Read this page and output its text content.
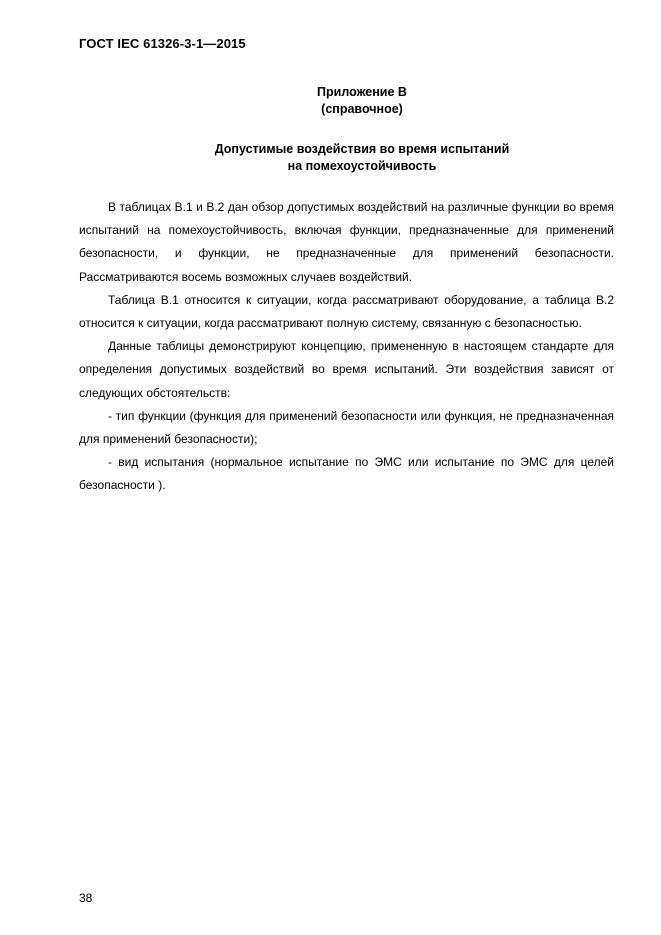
ГОСТ IEC 61326-3-1—2015
Приложение B
(справочное)
Допустимые воздействия во время испытаний
на помехоустойчивость

В таблицах В.1 и В.2 дан обзор допустимых воздействий на различные функции во время испытаний на помехоустойчивость, включая функции, предназначенные для применений безопасности, и функции, не предназначенные для применений безопасности. Рассматриваются восемь возможных случаев воздействий.

Таблица В.1 относится к ситуации, когда рассматривают оборудование, а таблица В.2 относится к ситуации, когда рассматривают полную систему, связанную с безопасностью.

Данные таблицы демонстрируют концепцию, примененную в настоящем стандарте для определения допустимых воздействий во время испытаний. Эти воздействия зависят от следующих обстоятельств:

- тип функции (функция для применений безопасности или функция, не предназначенная для применений безопасности);

- вид испытания (нормальное испытание по ЭМС или испытание по ЭМС для целей безопасности ).

38
